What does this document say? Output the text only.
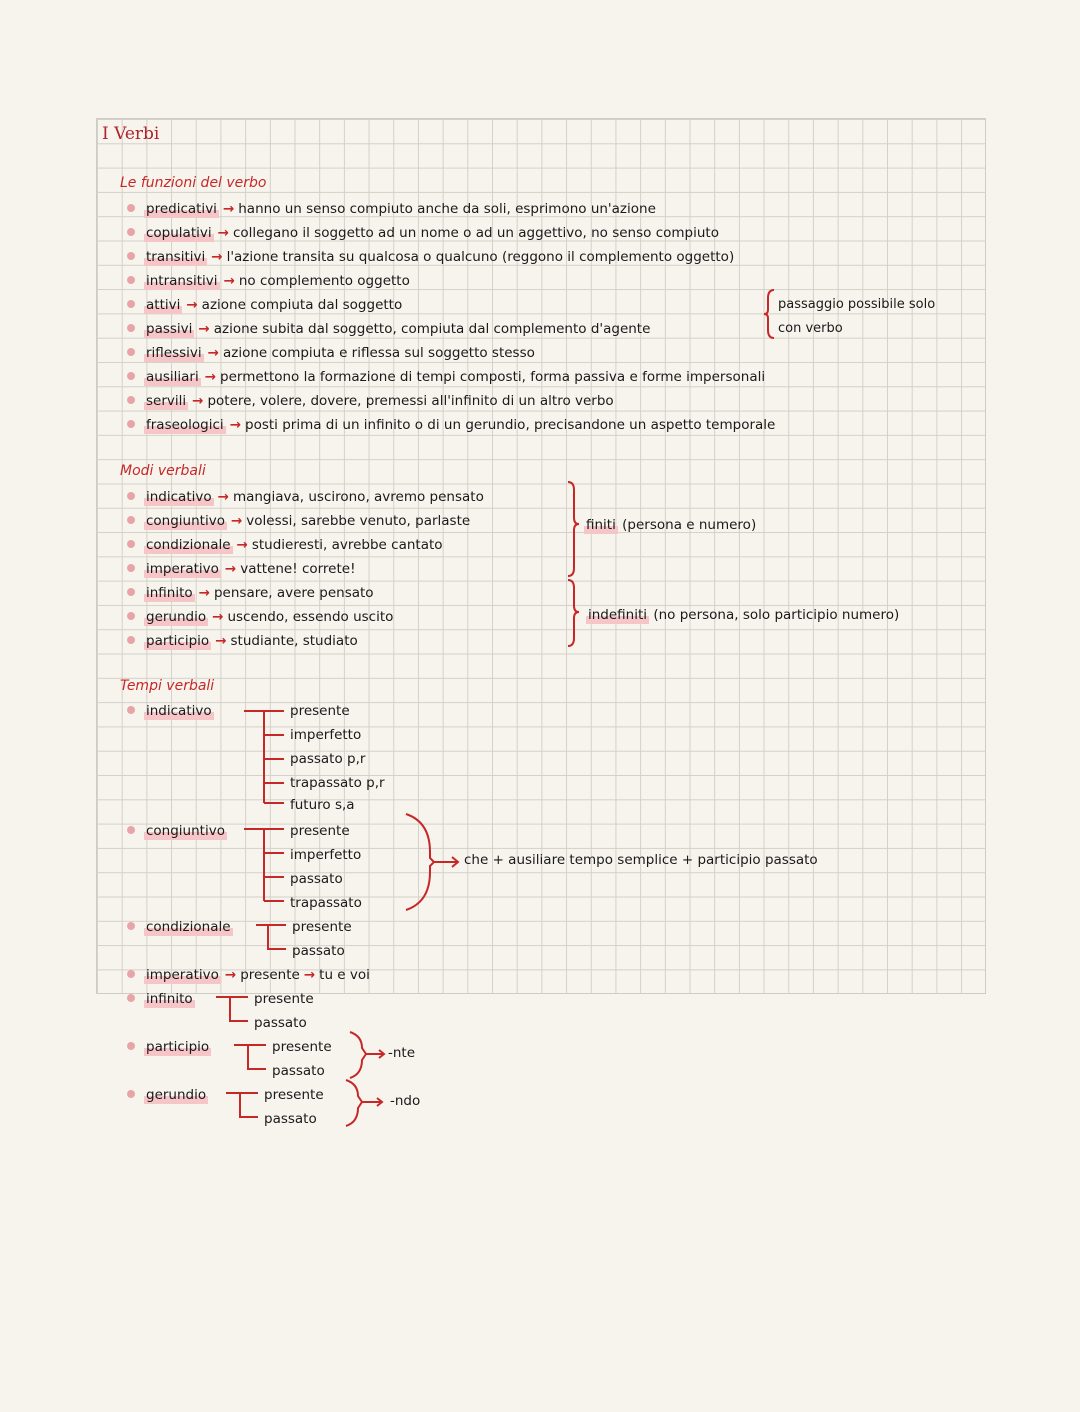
I Verbi
Le funzioni del verbo
predicativi → hanno un senso compiuto anche da soli, esprimono un'azione
copulativi → collegano il soggetto ad un nome o ad un aggettivo, no senso compiuto
transitivi → l'azione transita su qualcosa o qualcuno (reggono il complemento oggetto)
intransitivi → no complemento oggetto
attivi → azione compiuta dal soggetto
passivi → azione subita dal soggetto, compiuta dal complemento d'agente
riflessivi → azione compiuta e riflessa sul soggetto stesso
ausiliari → permettono la formazione di tempi composti, forma passiva e forme impersonali
servili → potere, volere, dovere, premessi all'infinito di un altro verbo
fraseologici → posti prima di un infinito o di un gerundio, precisandone un aspetto temporale
passaggio possibile solo
con verbo
Modi verbali
indicativo → mangiava, uscirono, avremo pensato
congiuntivo → volessi, sarebbe venuto, parlaste
condizionale → studieresti, avrebbe cantato
imperativo → vattene! correte!
infinito → pensare, avere pensato
gerundio → uscendo, essendo uscito
participio → studiante, studiato
finiti (persona e numero)
indefiniti (no persona, solo participio numero)
Tempi verbali
indicativo	presente
imperfetto
passato p,r
trapassato p,r
futuro s,a
congiuntivo	presente
imperfetto
passato
trapassato
che + ausiliare tempo semplice + participio passato
condizionale	presente
passato
imperativo → presente → tu e voi
infinito	presente
passato
participio	presente
passato
-nte
gerundio	presente
passato
-ndo
